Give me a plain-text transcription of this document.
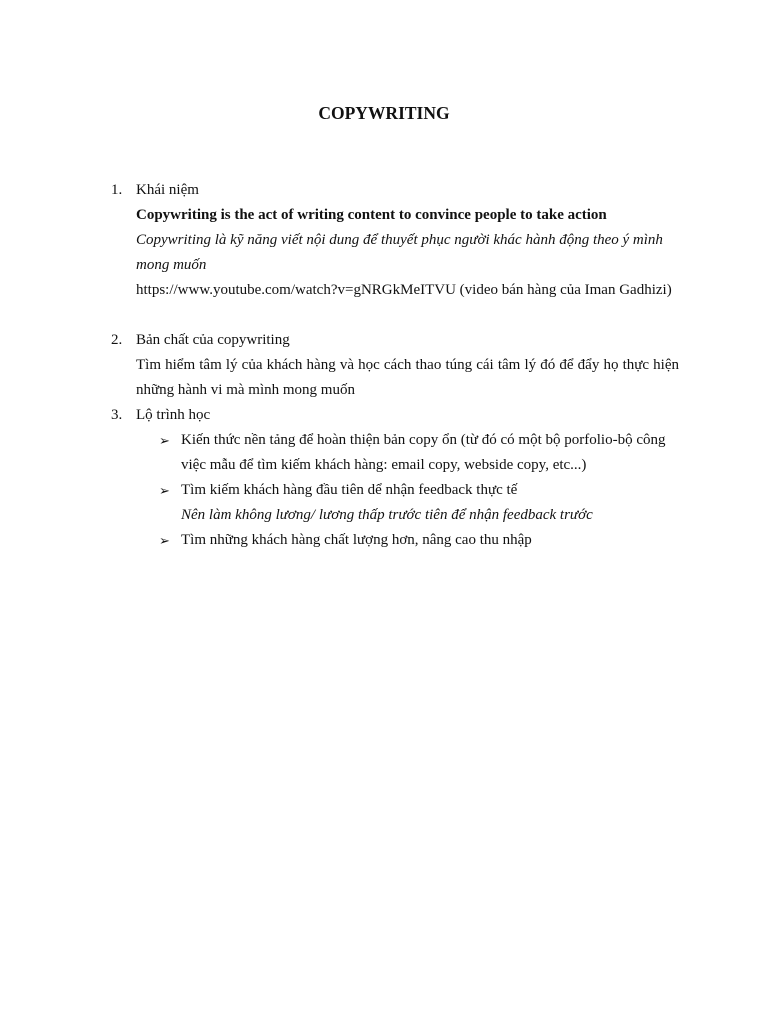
COPYWRITING
1. Khái niệm
Copywriting is the act of writing content to convince people to take action
Copywriting là kỹ năng viết nội dung để thuyết phục người khác hành động theo ý mình mong muốn
https://www.youtube.com/watch?v=gNRGkMeITVU (video bán hàng của Iman Gadhizi)
2. Bản chất của copywriting
Tìm hiểm tâm lý của khách hàng và học cách thao túng cái tâm lý đó để đẩy họ thực hiện những hành vi mà mình mong muốn
3. Lộ trình học
➢ Kiến thức nền tảng để hoàn thiện bản copy ổn (từ đó có một bộ porfolio-bộ công việc mẫu để tìm kiếm khách hàng: email copy, webside copy, etc...)
➢ Tìm kiếm khách hàng đầu tiên dể nhận feedback thực tế
Nên làm không lương/ lương thấp trước tiên để nhận feedback trước
➢ Tìm những khách hàng chất lượng hơn, nâng cao thu nhập
